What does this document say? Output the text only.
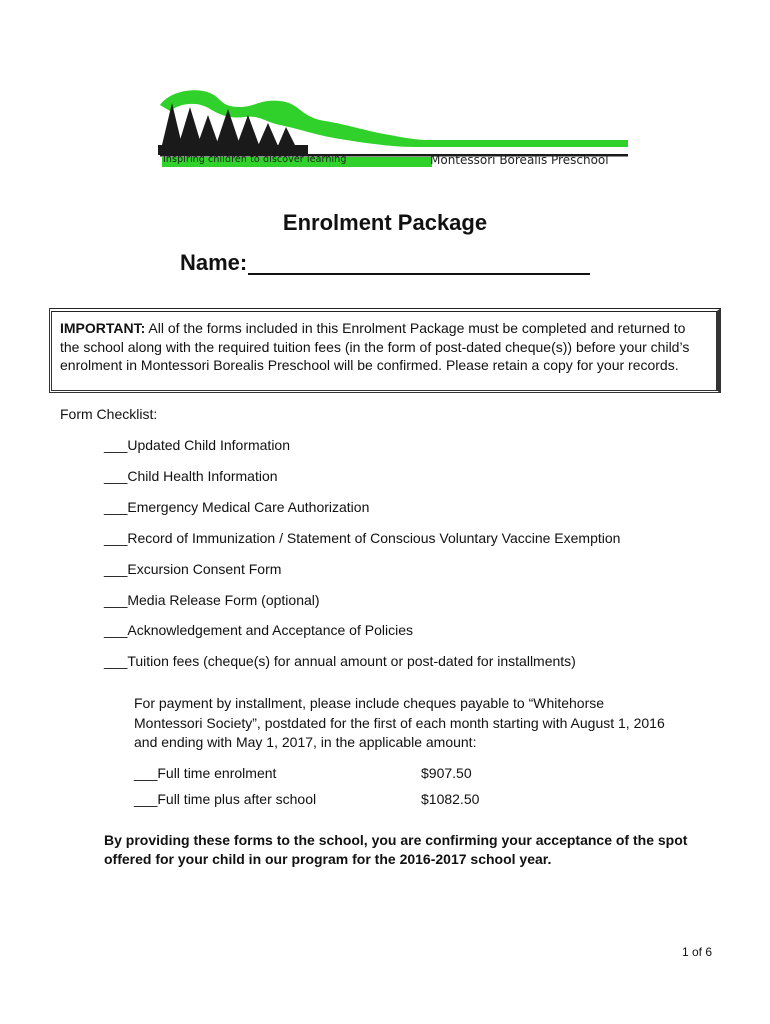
Inspiring children to discover learning	Montessori Borealis Preschool
Enrolment Package
Name:
IMPORTANT: All of the forms included in this Enrolment Package must be completed and returned to the school along with the required tuition fees (in the form of post-dated cheque(s)) before your child’s enrolment in Montessori Borealis Preschool will be confirmed. Please retain a copy for your records.
Form Checklist:
___Updated Child Information
___Child Health Information
___Emergency Medical Care Authorization
___Record of Immunization / Statement of Conscious Voluntary Vaccine Exemption
___Excursion Consent Form
___Media Release Form (optional)
___Acknowledgement and Acceptance of Policies
___Tuition fees (cheque(s) for annual amount or post-dated for installments)
For payment by installment, please include cheques payable to “Whitehorse Montessori Society”, postdated for the first of each month starting with August 1, 2016 and ending with May 1, 2017, in the applicable amount:
___Full time enrolment	$907.50
___Full time plus after school	$1082.50
By providing these forms to the school, you are confirming your acceptance of the spot offered for your child in our program for the 2016-2017 school year.
1 of 6
